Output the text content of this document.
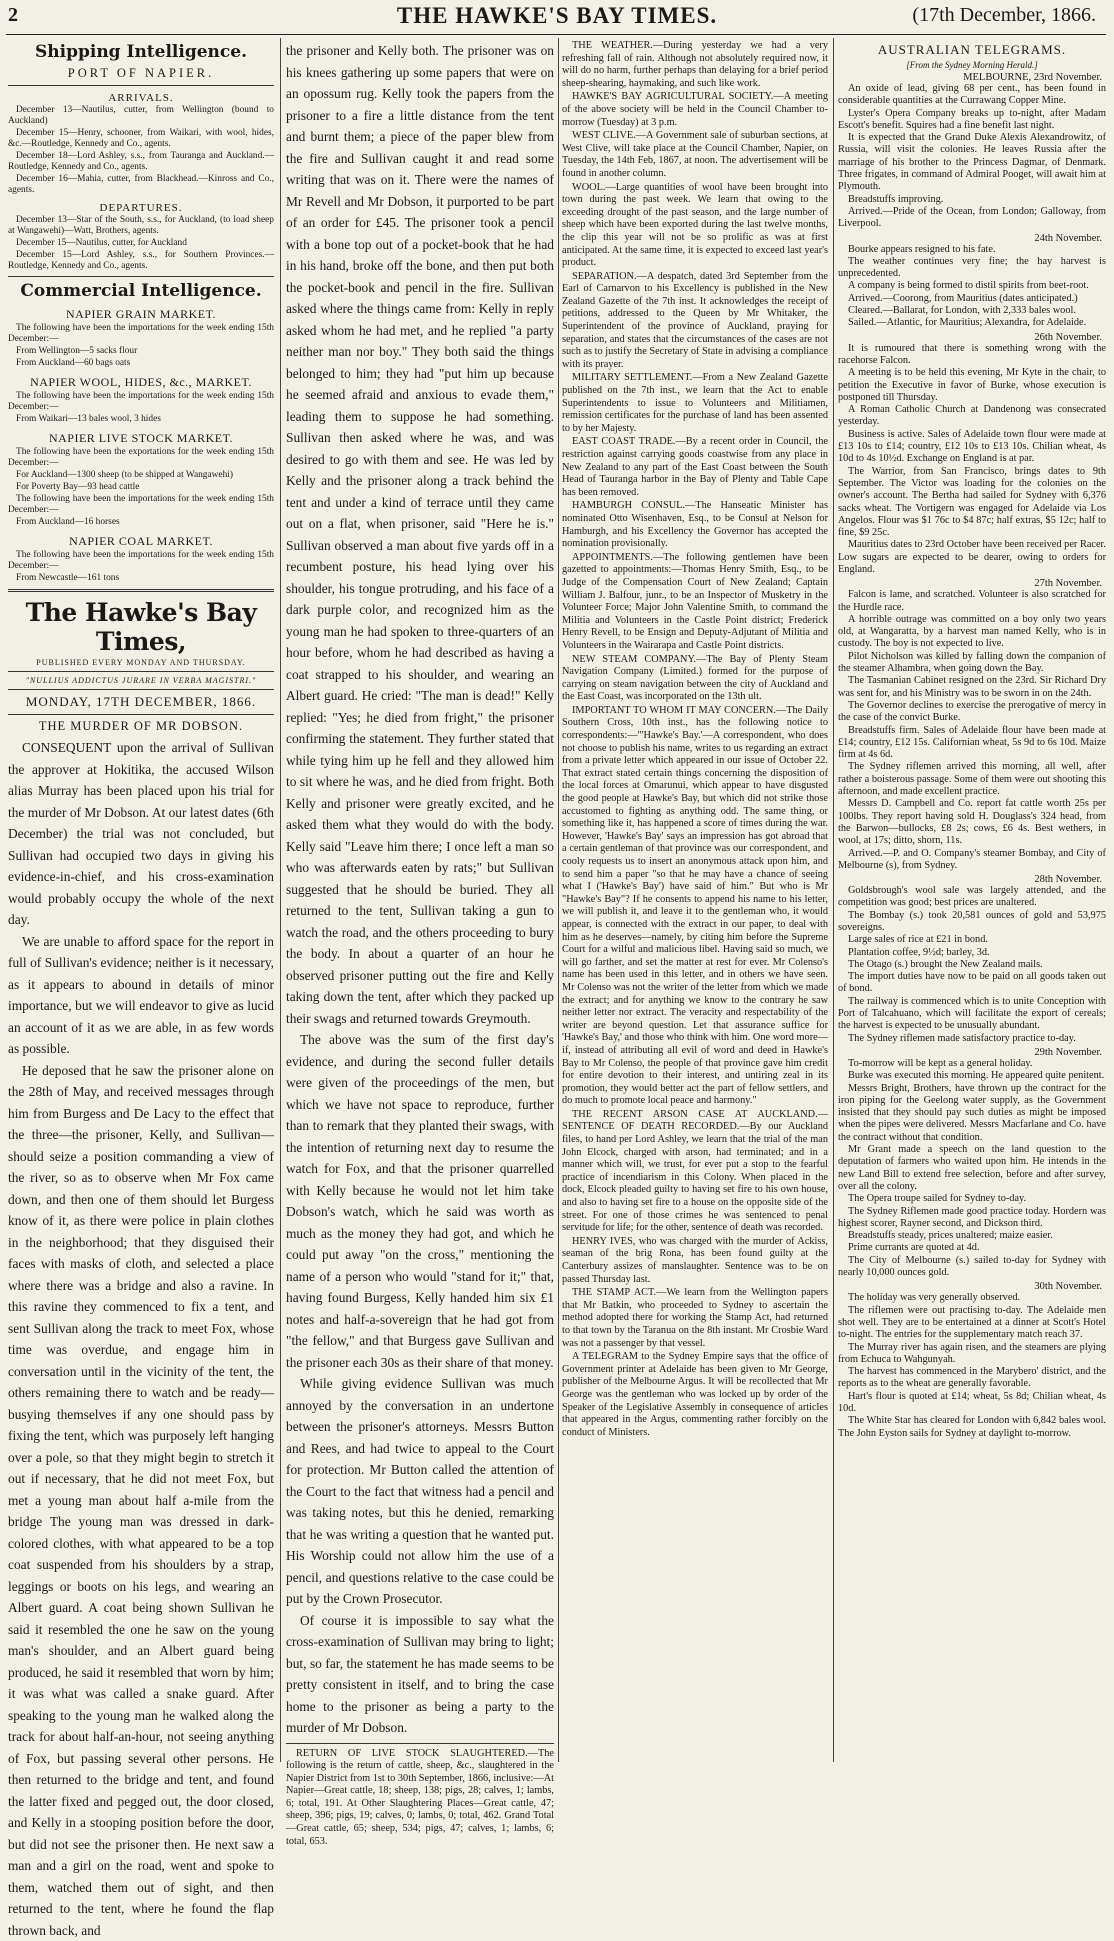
2	THE HAWKE'S BAY TIMES.	(17th December, 1866.
Shipping Intelligence.
PORT OF NAPIER.
ARRIVALS.

December 13—Nautilus, cutter, from Wellington (bound to Auckland)

December 15—Henry, schooner, from Waikari, with wool, hides, &c.—Routledge, Kennedy and Co., agents.

December 18—Lord Ashley, s.s., from Tauranga and Auckland.—Routledge, Kennedy and Co., agents.

December 16—Mahia, cutter, from Blackhead.—Kinross and Co., agents.

DEPARTURES.

December 13—Star of the South, s.s., for Auckland, (to load sheep at Wangawehi)—Watt, Brothers, agents.

December 15—Nautilus, cutter, for Auckland

December 15—Lord Ashley, s.s., for Southern Provinces.—Routledge, Kennedy and Co., agents.

Commercial Intelligence.
NAPIER GRAIN MARKET.

The following have been the importations for the week ending 15th December:—

From Wellington—5 sacks flour

From Auckland—60 bags oats

NAPIER WOOL, HIDES, &c., MARKET.

The following have been the importations for the week ending 15th December:—

From Waikari—13 bales wool, 3 hides

NAPIER LIVE STOCK MARKET.

The following have been the exportations for the week ending 15th December:—

For Auckland—1300 sheep (to be shipped at Wangawehi)

For Poverty Bay—93 head cattle

The following have been the importations for the week ending 15th December:—

From Auckland—16 horses

NAPIER COAL MARKET.

The following have been the importations for the week ending 15th December:—

From Newcastle—161 tons

The Hawke's Bay Times,

PUBLISHED EVERY MONDAY AND THURSDAY.

"NULLIUS ADDICTUS JURARE IN VERBA MAGISTRI."

MONDAY, 17TH DECEMBER, 1866.
THE MURDER OF MR DOBSON.

CONSEQUENT upon the arrival of Sullivan the approver at Hokitika, the accused Wilson alias Murray has been placed upon his trial for the murder of Mr Dobson. At our latest dates (6th December) the trial was not concluded, but Sullivan had occupied two days in giving his evidence-in-chief, and his cross-examination would probably occupy the whole of the next day.

We are unable to afford space for the report in full of Sullivan's evidence; neither is it necessary, as it appears to abound in details of minor importance, but we will endeavor to give as lucid an account of it as we are able, in as few words as possible.

He deposed that he saw the prisoner alone on the 28th of May, and received messages through him from Burgess and De Lacy to the effect that the three—the prisoner, Kelly, and Sullivan—should seize a position commanding a view of the river, so as to observe when Mr Fox came down, and then one of them should let Burgess know of it, as there were police in plain clothes in the neighborhood; that they disguised their faces with masks of cloth, and selected a place where there was a bridge and also a ravine. In this ravine they commenced to fix a tent, and sent Sullivan along the track to meet Fox, whose time was overdue, and engage him in conversation until in the vicinity of the tent, the others remaining there to watch and be ready—busying themselves if any one should pass by fixing the tent, which was purposely left hanging over a pole, so that they might begin to stretch it out if necessary, that he did not meet Fox, but met a young man about half a-mile from the bridge The young man was dressed in dark-colored clothes, with what appeared to be a top coat suspended from his shoulders by a strap, leggings or boots on his legs, and wearing an Albert guard. A coat being shown Sullivan he said it resembled the one he saw on the young man's shoulder, and an Albert guard being produced, he said it resembled that worn by him; it was what was called a snake guard. After speaking to the young man he walked along the track for about half-an-hour, not seeing anything of Fox, but passing several other persons. He then returned to the bridge and tent, and found the latter fixed and pegged out, the door closed, and Kelly in a stooping position before the door, but did not see the prisoner then. He next saw a man and a girl on the road, went and spoke to them, watched them out of sight, and then returned to the tent, where he found the flap thrown back, and

the prisoner and Kelly both. The prisoner was on his knees gathering up some papers that were on an opossum rug. Kelly took the papers from the prisoner to a fire a little distance from the tent and burnt them; a piece of the paper blew from the fire and Sullivan caught it and read some writing that was on it. There were the names of Mr Revell and Mr Dobson, it purported to be part of an order for £45. The prisoner took a pencil with a bone top out of a pocket-book that he had in his hand, broke off the bone, and then put both the pocket-book and pencil in the fire. Sullivan asked where the things came from: Kelly in reply asked whom he had met, and he replied "a party neither man nor boy." They both said the things belonged to him; they had "put him up because he seemed afraid and anxious to evade them," leading them to suppose he had something. Sullivan then asked where he was, and was desired to go with them and see. He was led by Kelly and the prisoner along a track behind the tent and under a kind of terrace until they came out on a flat, when prisoner, said "Here he is." Sullivan observed a man about five yards off in a recumbent posture, his head lying over his shoulder, his tongue protruding, and his face of a dark purple color, and recognized him as the young man he had spoken to three-quarters of an hour before, whom he had described as having a coat strapped to his shoulder, and wearing an Albert guard. He cried: "The man is dead!" Kelly replied: "Yes; he died from fright," the prisoner confirming the statement. They further stated that while tying him up he fell and they allowed him to sit where he was, and he died from fright. Both Kelly and prisoner were greatly excited, and he asked them what they would do with the body. Kelly said "Leave him there; I once left a man so who was afterwards eaten by rats;" but Sullivan suggested that he should be buried. They all returned to the tent, Sullivan taking a gun to watch the road, and the others proceeding to bury the body. In about a quarter of an hour he observed prisoner putting out the fire and Kelly taking down the tent, after which they packed up their swags and returned towards Greymouth.

The above was the sum of the first day's evidence, and during the second fuller details were given of the proceedings of the men, but which we have not space to reproduce, further than to remark that they planted their swags, with the intention of returning next day to resume the watch for Fox, and that the prisoner quarrelled with Kelly because he would not let him take Dobson's watch, which he said was worth as much as the money they had got, and which he could put away "on the cross," mentioning the name of a person who would "stand for it;" that, having found Burgess, Kelly handed him six £1 notes and half-a-sovereign that he had got from "the fellow," and that Burgess gave Sullivan and the prisoner each 30s as their share of that money.

While giving evidence Sullivan was much annoyed by the conversation in an undertone between the prisoner's attorneys. Messrs Button and Rees, and had twice to appeal to the Court for protection. Mr Button called the attention of the Court to the fact that witness had a pencil and was taking notes, but this he denied, remarking that he was writing a question that he wanted put. His Worship could not allow him the use of a pencil, and questions relative to the case could be put by the Crown Prosecutor.

Of course it is impossible to say what the cross-examination of Sullivan may bring to light; but, so far, the statement he has made seems to be pretty consistent in itself, and to bring the case home to the prisoner as being a party to the murder of Mr Dobson.

RETURN OF LIVE STOCK SLAUGHTERED.—The following is the return of cattle, sheep, &c., slaughtered in the Napier District from 1st to 30th September, 1866, inclusive:—At Napier—Great cattle, 18; sheep, 138; pigs, 28; calves, 1; lambs, 6; total, 191. At Other Slaughtering Places—Great cattle, 47; sheep, 396; pigs, 19; calves, 0; lambs, 0; total, 462. Grand Total—Great cattle, 65; sheep, 534; pigs, 47; calves, 1; lambs, 6; total, 653.

THE WEATHER.—During yesterday we had a very refreshing fall of rain. Although not absolutely required now, it will do no harm, further perhaps than delaying for a brief period sheep-shearing, haymaking, and such like work.

HAWKE'S BAY AGRICULTURAL SOCIETY.—A meeting of the above society will be held in the Council Chamber to-morrow (Tuesday) at 3 p.m.

WEST CLIVE.—A Government sale of suburban sections, at West Clive, will take place at the Council Chamber, Napier, on Tuesday, the 14th Feb, 1867, at noon. The advertisement will be found in another column.

WOOL.—Large quantities of wool have been brought into town during the past week. We learn that owing to the exceeding drought of the past season, and the large number of sheep which have been exported during the last twelve months, the clip this year will not be so prolific as was at first anticipated. At the same time, it is expected to exceed last year's product.

SEPARATION.—A despatch, dated 3rd September from the Earl of Carnarvon to his Excellency is published in the New Zealand Gazette of the 7th inst. It acknowledges the receipt of petitions, addressed to the Queen by Mr Whitaker, the Superintendent of the province of Auckland, praying for separation, and states that the circumstances of the cases are not such as to justify the Secretary of State in advising a compliance with its prayer.

MILITARY SETTLEMENT.—From a New Zealand Gazette published on the 7th inst., we learn that the Act to enable Superintendents to issue to Volunteers and Militiamen, remission certificates for the purchase of land has been assented to by her Majesty.

EAST COAST TRADE.—By a recent order in Council, the restriction against carrying goods coastwise from any place in New Zealand to any part of the East Coast between the South Head of Tauranga harbor in the Bay of Plenty and Table Cape has been removed.

HAMBURGH CONSUL.—The Hanseatic Minister has nominated Otto Wisenhaven, Esq., to be Consul at Nelson for Hamburgh, and his Excellency the Governor has accepted the nomination provisionally.

APPOINTMENTS.—The following gentlemen have been gazetted to appointments:—Thomas Henry Smith, Esq., to be Judge of the Compensation Court of New Zealand; Captain William J. Balfour, junr., to be an Inspector of Musketry in the Volunteer Force; Major John Valentine Smith, to command the Militia and Volunteers in the Castle Point district; Frederick Henry Revell, to be Ensign and Deputy-Adjutant of Militia and Volunteers in the Wairarapa and Castle Point districts.

NEW STEAM COMPANY.—The Bay of Plenty Steam Navigation Company (Limited.) formed for the purpose of carrying on steam navigation between the city of Auckland and the East Coast, was incorporated on the 13th ult.

IMPORTANT TO WHOM IT MAY CONCERN.—The Daily Southern Cross, 10th inst., has the following notice to correspondents:—"'Hawke's Bay.'—A correspondent, who does not choose to publish his name, writes to us regarding an extract from a private letter which appeared in our issue of October 22. That extract stated certain things concerning the disposition of the local forces at Omarunui, which appear to have disgusted the good people at Hawke's Bay, but which did not strike those accustomed to fighting as anything odd. The same thing, or something like it, has happened a score of times during the war. However, 'Hawke's Bay' says an impression has got abroad that a certain gentleman of that province was our correspondent, and cooly requests us to insert an anonymous attack upon him, and to send him a paper "so that he may have a chance of seeing what I ('Hawke's Bay') have said of him." But who is Mr "Hawke's Bay"? If he consents to append his name to his letter, we will publish it, and leave it to the gentleman who, it would appear, is connected with the extract in our paper, to deal with him as he deserves—namely, by citing him before the Supreme Court for a wilful and malicious libel. Having said so much, we will go farther, and set the matter at rest for ever. Mr Colenso's name has been used in this letter, and in others we have seen. Mr Colenso was not the writer of the letter from which we made the extract; and for anything we know to the contrary he saw neither letter nor extract. The veracity and respectability of the writer are beyond question. Let that assurance suffice for 'Hawke's Bay,' and those who think with him. One word more—if, instead of attributing all evil of word and deed in Hawke's Bay to Mr Colenso, the people of that province gave him credit for entire devotion to their interest, and untiring zeal in its promotion, they would better act the part of fellow settlers, and do much to promote local peace and harmony."

THE RECENT ARSON CASE AT AUCKLAND.—SENTENCE OF DEATH RECORDED.—By our Auckland files, to hand per Lord Ashley, we learn that the trial of the man John Elcock, charged with arson, had terminated; and in a manner which will, we trust, for ever put a stop to the fearful practice of incendiarism in this Colony. When placed in the dock, Elcock pleaded guilty to having set fire to his own house, and also to having set fire to a house on the opposite side of the street. For one of those crimes he was sentenced to penal servitude for life; for the other, sentence of death was recorded.

HENRY IVES, who was charged with the murder of Ackiss, seaman of the brig Rona, has been found guilty at the Canterbury assizes of manslaughter. Sentence was to be on passed Thursday last.

THE STAMP ACT.—We learn from the Wellington papers that Mr Batkin, who proceeded to Sydney to ascertain the method adopted there for working the Stamp Act, had returned to that town by the Taranua on the 8th instant. Mr Crosbie Ward was not a passenger by that vessel.

A TELEGRAM to the Sydney Empire says that the office of Government printer at Adelaide has been given to Mr George, publisher of the Melbourne Argus. It will be recollected that Mr George was the gentleman who was locked up by order of the Speaker of the Legislative Assembly in consequence of articles that appeared in the Argus, commenting rather forcibly on the conduct of Ministers.

AUSTRALIAN TELEGRAMS.

[From the Sydney Morning Herald.]

MELBOURNE, 23rd November.

An oxide of lead, giving 68 per cent., has been found in considerable quantities at the Currawang Copper Mine.

Lyster's Opera Company breaks up to-night, after Madam Escott's benefit. Squires had a fine benefit last night.

It is expected that the Grand Duke Alexis Alexandrowitz, of Russia, will visit the colonies. He leaves Russia after the marriage of his brother to the Princess Dagmar, of Denmark. Three frigates, in command of Admiral Pooget, will await him at Plymouth.

Breadstuffs improving.

Arrived.—Pride of the Ocean, from London; Galloway, from Liverpool.

24th November.

Bourke appears resigned to his fate.

The weather continues very fine; the hay harvest is unprecedented.

A company is being formed to distil spirits from beet-root.

Arrived.—Coorong, from Mauritius (dates anticipated.)

Cleared.—Ballarat, for London, with 2,333 bales wool.

Sailed.—Atlantic, for Mauritius; Alexandra, for Adelaide.

26th November.

It is rumoured that there is something wrong with the racehorse Falcon.

A meeting is to be held this evening, Mr Kyte in the chair, to petition the Executive in favor of Burke, whose execution is postponed till Thursday.

A Roman Catholic Church at Dandenong was consecrated yesterday.

Business is active. Sales of Adelaide town flour were made at £13 10s to £14; country, £12 10s to £13 10s. Chilian wheat, 4s 10d to 4s 10½d. Exchange on England is at par.

The Warrior, from San Francisco, brings dates to 9th September. The Victor was loading for the colonies on the owner's account. The Bertha had sailed for Sydney with 6,376 sacks wheat. The Vortigern was engaged for Adelaide via Los Angelos. Flour was $1 76c to $4 87c; half extras, $5 12c; half to fine, $9 25c.

Mauritius dates to 23rd October have been received per Racer. Low sugars are expected to be dearer, owing to orders for England.

27th November.

Falcon is lame, and scratched. Volunteer is also scratched for the Hurdle race.

A horrible outrage was committed on a boy only two years old, at Wangaratta, by a harvest man named Kelly, who is in custody. The boy is not expected to live.

Pilot Nicholson was killed by falling down the companion of the steamer Alhambra, when going down the Bay.

The Tasmanian Cabinet resigned on the 23rd. Sir Richard Dry was sent for, and his Ministry was to be sworn in on the 24th.

The Governor declines to exercise the prerogative of mercy in the case of the convict Burke.

Breadstuffs firm. Sales of Adelaide flour have been made at £14; country, £12 15s. Californian wheat, 5s 9d to 6s 10d. Maize firm at 4s 6d.

The Sydney riflemen arrived this morning, all well, after rather a boisterous passage. Some of them were out shooting this afternoon, and made excellent practice.

Messrs D. Campbell and Co. report fat cattle worth 25s per 100lbs. They report having sold H. Douglass's 324 head, from the Barwon—bullocks, £8 2s; cows, £6 4s. Best wethers, in wool, at 17s; ditto, shorn, 11s.

Arrived.—P. and O. Company's steamer Bombay, and City of Melbourne (s), from Sydney.

28th November.

Goldsbrough's wool sale was largely attended, and the competition was good; best prices are unaltered.

The Bombay (s.) took 20,581 ounces of gold and 53,975 sovereigns.

Large sales of rice at £21 in bond.

Plantation coffee, 9½d; barley, 3d.

The Otago (s.) brought the New Zealand mails.

The import duties have now to be paid on all goods taken out of bond.

The railway is commenced which is to unite Conception with Port of Talcahuano, which will facilitate the export of cereals; the harvest is expected to be unusually abundant.

The Sydney riflemen made satisfactory practice to-day.

29th November.

To-morrow will be kept as a general holiday.

Burke was executed this morning. He appeared quite penitent.

Messrs Bright, Brothers, have thrown up the contract for the iron piping for the Geelong water supply, as the Government insisted that they should pay such duties as might be imposed when the pipes were delivered. Messrs Macfarlane and Co. have the contract without that condition.

Mr Grant made a speech on the land question to the deputation of farmers who waited upon him. He intends in the new Land Bill to extend free selection, before and after survey, over all the colony.

The Opera troupe sailed for Sydney to-day.

The Sydney Riflemen made good practice today. Hordern was highest scorer, Rayner second, and Dickson third.

Breadstuffs steady, prices unaltered; maize easier.

Prime currants are quoted at 4d.

The City of Melbourne (s.) sailed to-day for Sydney with nearly 10,000 ounces gold.

30th November.

The holiday was very generally observed.

The riflemen were out practising to-day. The Adelaide men shot well. They are to be entertained at a dinner at Scott's Hotel to-night. The entries for the supplementary match reach 37.

The Murray river has again risen, and the steamers are plying from Echuca to Wahgunyah.

The harvest has commenced in the Marybero' district, and the reports as to the wheat are generally favorable.

Hart's flour is quoted at £14; wheat, 5s 8d; Chilian wheat, 4s 10d.

The White Star has cleared for London with 6,842 bales wool. The John Eyston sails for Sydney at daylight to-morrow.
